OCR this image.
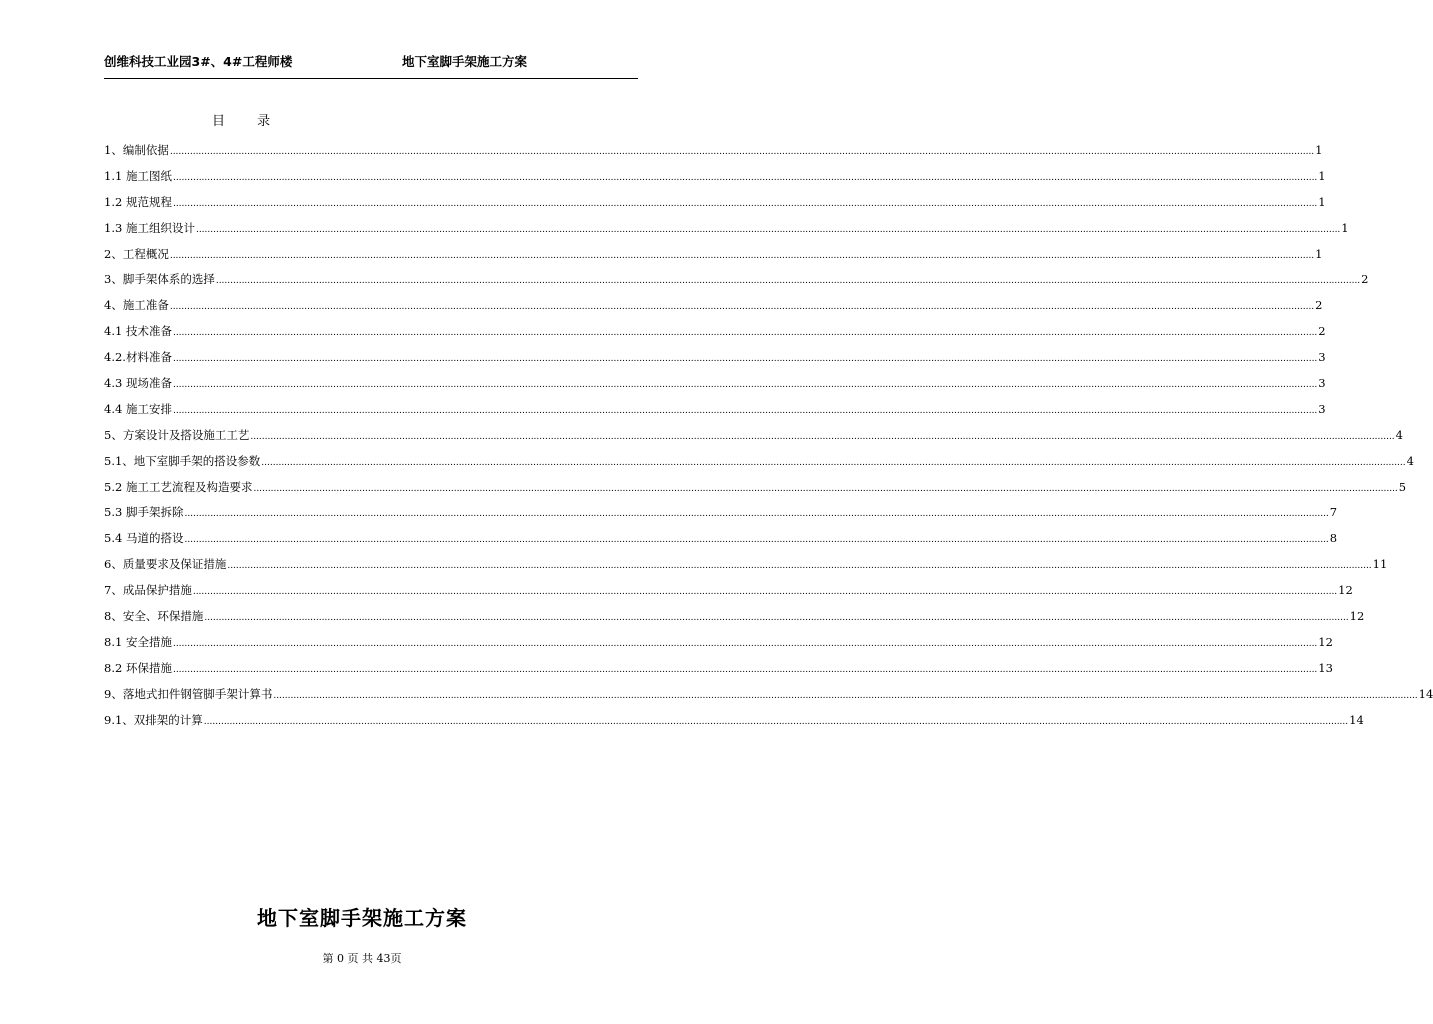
创维科技工业园3#、4#工程师楼	地下室脚手架施工方案
目 录
1、编制依据 ................................................................................................................................................................................................................................................................................................................................................................................................................ 1
1.1 施工图纸 ................................................................................................................................................................................................................................................................................................................................................................................................................ 1
1.2 规范规程 ................................................................................................................................................................................................................................................................................................................................................................................................................ 1
1.3 施工组织设计 ................................................................................................................................................................................................................................................................................................................................................................................................................ 1
2、工程概况 ................................................................................................................................................................................................................................................................................................................................................................................................................ 1
3、脚手架体系的选择 ................................................................................................................................................................................................................................................................................................................................................................................................................ 2
4、施工准备 ................................................................................................................................................................................................................................................................................................................................................................................................................ 2
4.1 技术准备 ................................................................................................................................................................................................................................................................................................................................................................................................................ 2
4.2.材料准备 ................................................................................................................................................................................................................................................................................................................................................................................................................ 3
4.3 现场准备 ................................................................................................................................................................................................................................................................................................................................................................................................................ 3
4.4 施工安排 ................................................................................................................................................................................................................................................................................................................................................................................................................ 3
5、方案设计及搭设施工工艺 ................................................................................................................................................................................................................................................................................................................................................................................................................ 4
5.1、地下室脚手架的搭设参数 ................................................................................................................................................................................................................................................................................................................................................................................................................ 4
5.2 施工工艺流程及构造要求 ................................................................................................................................................................................................................................................................................................................................................................................................................ 5
5.3 脚手架拆除 ................................................................................................................................................................................................................................................................................................................................................................................................................ 7
5.4 马道的搭设 ................................................................................................................................................................................................................................................................................................................................................................................................................ 8
6、质量要求及保证措施 ................................................................................................................................................................................................................................................................................................................................................................................................................ 11
7、成品保护措施 ................................................................................................................................................................................................................................................................................................................................................................................................................ 12
8、安全、环保措施 ................................................................................................................................................................................................................................................................................................................................................................................................................ 12
8.1 安全措施 ................................................................................................................................................................................................................................................................................................................................................................................................................ 12
8.2 环保措施 ................................................................................................................................................................................................................................................................................................................................................................................................................ 13
9、落地式扣件钢管脚手架计算书 ................................................................................................................................................................................................................................................................................................................................................................................................................ 14
9.1、双排架的计算 ................................................................................................................................................................................................................................................................................................................................................................................................................ 14
地下室脚手架施工方案
第 0 页 共 43页
